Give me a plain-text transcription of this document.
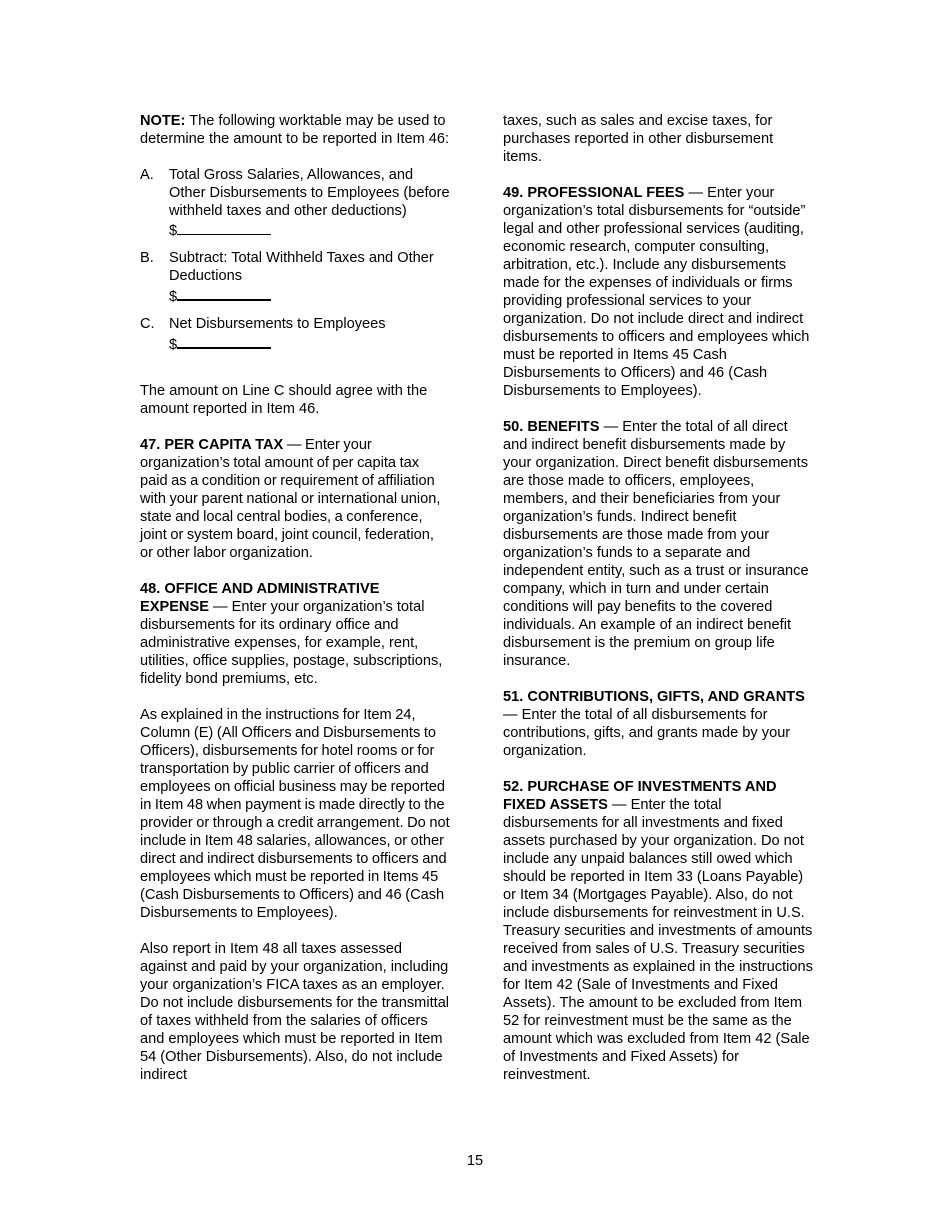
NOTE: The following worktable may be used to determine the amount to be reported in Item 46:

A.	Total Gross Salaries, Allowances, and Other Disbursements to Employees (before withheld taxes and other deductions)
$
B.	Subtract: Total Withheld Taxes and Other Deductions
$
C. Net Disbursements to Employees
$

The amount on Line C should agree with the amount reported in Item 46.

47. PER CAPITA TAX — Enter your organization’s total amount of per capita tax paid as a condition or requirement of affiliation with your parent national or international union, state and local central bodies, a conference, joint or system board, joint council, federation, or other labor organization.

48. OFFICE AND ADMINISTRATIVE EXPENSE — Enter your organization’s total disbursements for its ordinary office and administrative expenses, for example, rent, utilities, office supplies, postage, subscriptions, fidelity bond premiums, etc.

As explained in the instructions for Item 24, Column (E) (All Officers and Disbursements to Officers), disbursements for hotel rooms or for transportation by public carrier of officers and employees on official business may be reported in Item 48 when payment is made directly to the provider or through a credit arrangement. Do not include in Item 48 salaries, allowances, or other direct and indirect disbursements to officers and employees which must be reported in Items 45 (Cash Disbursements to Officers) and 46 (Cash Disbursements to Employees).

Also report in Item 48 all taxes assessed against and paid by your organization, including your organization’s FICA taxes as an employer. Do not include disbursements for the transmittal of taxes withheld from the salaries of officers and employees which must be reported in Item 54 (Other Disbursements). Also, do not include indirect

taxes, such as sales and excise taxes, for purchases reported in other disbursement items.

49. PROFESSIONAL FEES — Enter your organization’s total disbursements for “outside” legal and other professional services (auditing, economic research, computer consulting, arbitration, etc.). Include any disbursements made for the expenses of individuals or firms providing professional services to your organization. Do not include direct and indirect disbursements to officers and employees which must be reported in Items 45 Cash Disbursements to Officers) and 46 (Cash Disbursements to Employees).

50. BENEFITS — Enter the total of all direct and indirect benefit disbursements made by your organization. Direct benefit disbursements are those made to officers, employees, members, and their beneficiaries from your organization’s funds. Indirect benefit disbursements are those made from your organization’s funds to a separate and independent entity, such as a trust or insurance company, which in turn and under certain conditions will pay benefits to the covered individuals. An example of an indirect benefit disbursement is the premium on group life insurance.

51. CONTRIBUTIONS, GIFTS, AND GRANTS — Enter the total of all disbursements for contributions, gifts, and grants made by your organization.

52. PURCHASE OF INVESTMENTS AND FIXED ASSETS — Enter the total disbursements for all investments and fixed assets purchased by your organization. Do not include any unpaid balances still owed which should be reported in Item 33 (Loans Payable) or Item 34 (Mortgages Payable). Also, do not include disbursements for reinvestment in U.S. Treasury securities and investments of amounts received from sales of U.S. Treasury securities and investments as explained in the instructions for Item 42 (Sale of Investments and Fixed Assets). The amount to be excluded from Item 52 for reinvestment must be the same as the amount which was excluded from Item 42 (Sale of Investments and Fixed Assets) for reinvestment.

15
